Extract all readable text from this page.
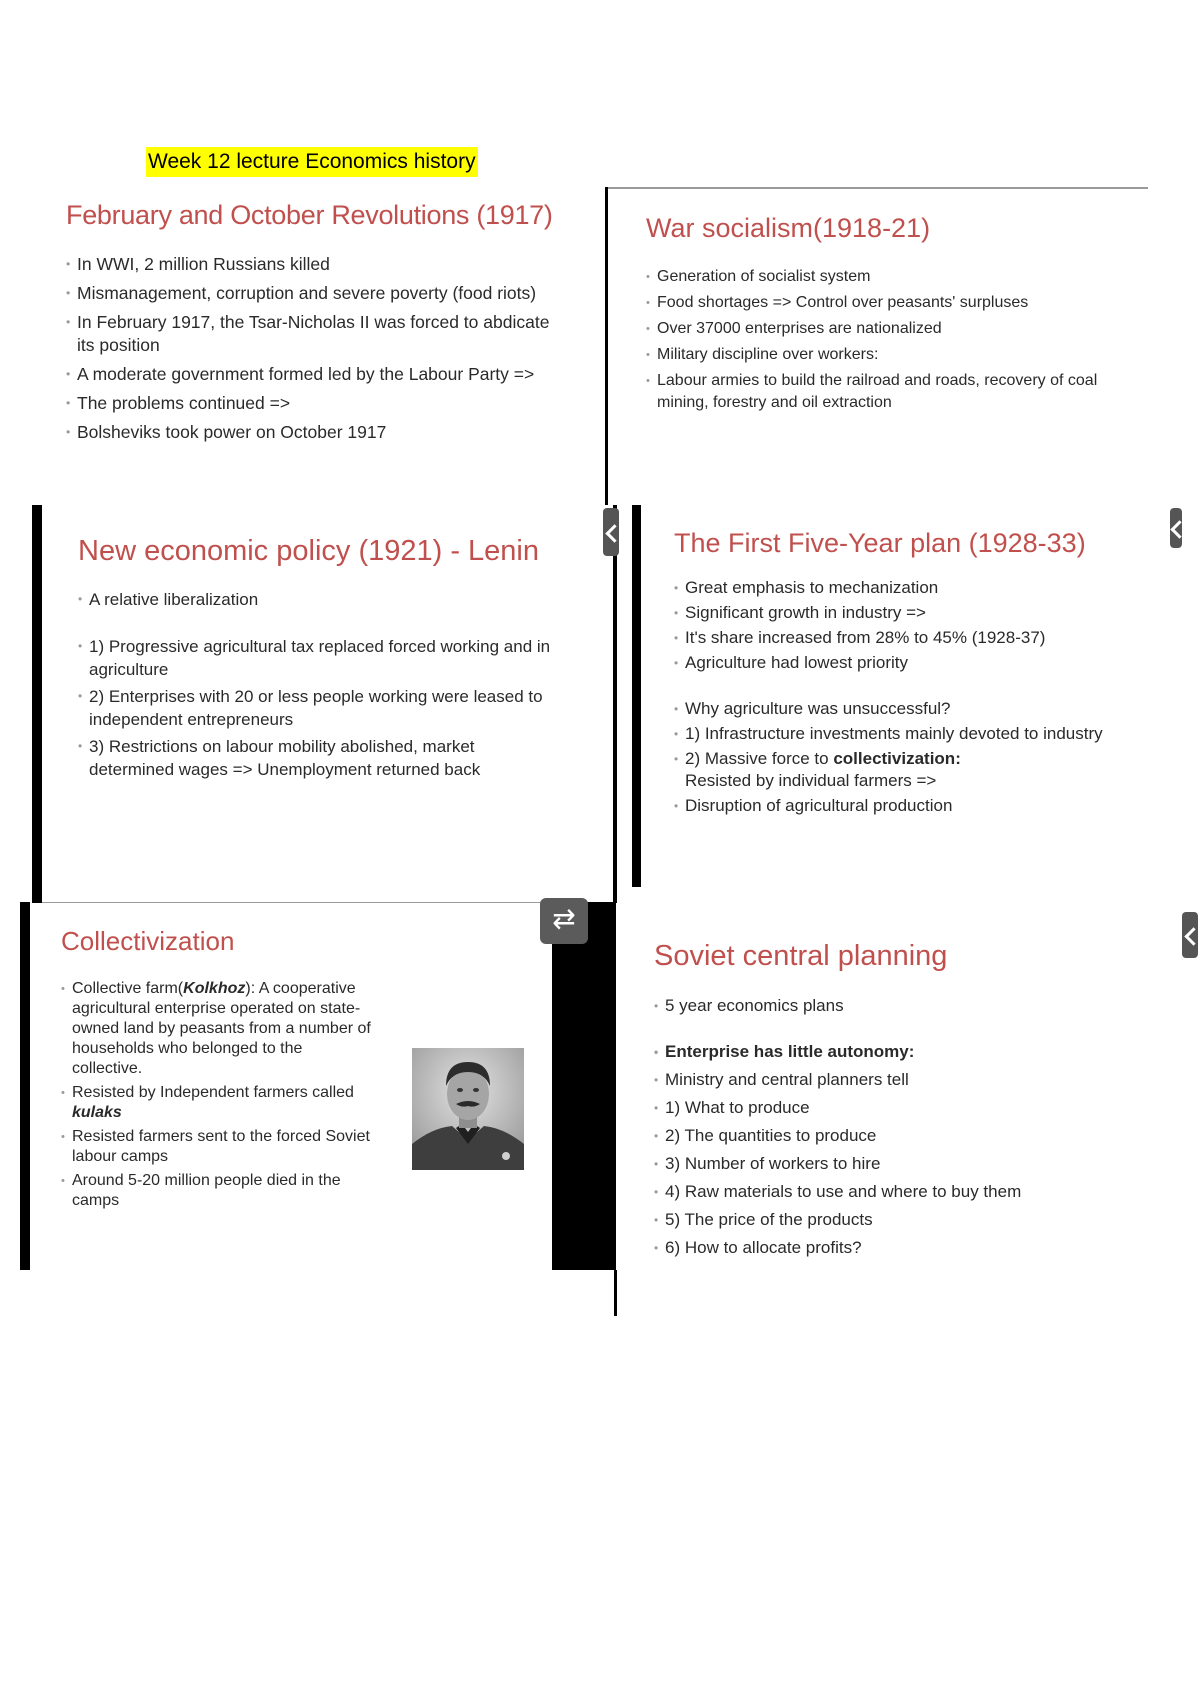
Week 12 lecture Economics history
⇄
February and October Revolutions (1917)
• In WWI, 2 million Russians killed
• Mismanagement, corruption and severe poverty (food riots)
• In February 1917, the Tsar-Nicholas II was forced to abdicate its position
• A moderate government formed led by the Labour Party =>
• The problems continued =>
• Bolsheviks took power on October 1917
War socialism(1918-21)
• Generation of socialist system
• Food shortages => Control over peasants' surpluses
• Over 37000 enterprises are nationalized
• Military discipline over workers:
• Labour armies to build the railroad and roads, recovery of coal mining, forestry and oil extraction
New economic policy (1921) - Lenin
• A relative liberalization
• 1) Progressive agricultural tax replaced forced working and in agriculture
• 2) Enterprises with 20 or less people working were leased to independent entrepreneurs
• 3) Restrictions on labour mobility abolished, market determined wages => Unemployment returned back
The First Five-Year plan (1928-33)
• Great emphasis to mechanization
• Significant growth in industry =>
• It's share increased from 28% to 45% (1928-37)
• Agriculture had lowest priority
• Why agriculture was unsuccessful?
• 1) Infrastructure investments mainly devoted to industry
• 2) Massive force to collectivization:
Resisted by individual farmers =>
• Disruption of agricultural production
Collectivization
• Collective farm(Kolkhoz): A cooperative agricultural enterprise operated on state-owned land by peasants from a number of households who belonged to the collective.
• Resisted by Independent farmers called kulaks
• Resisted farmers sent to the forced Soviet labour camps
• Around 5-20 million people died in the camps
Soviet central planning
• 5 year economics plans
• Enterprise has little autonomy:
• Ministry and central planners tell
• 1) What to produce
• 2) The quantities to produce
• 3) Number of workers to hire
• 4) Raw materials to use and where to buy them
• 5) The price of the products
• 6) How to allocate profits?
